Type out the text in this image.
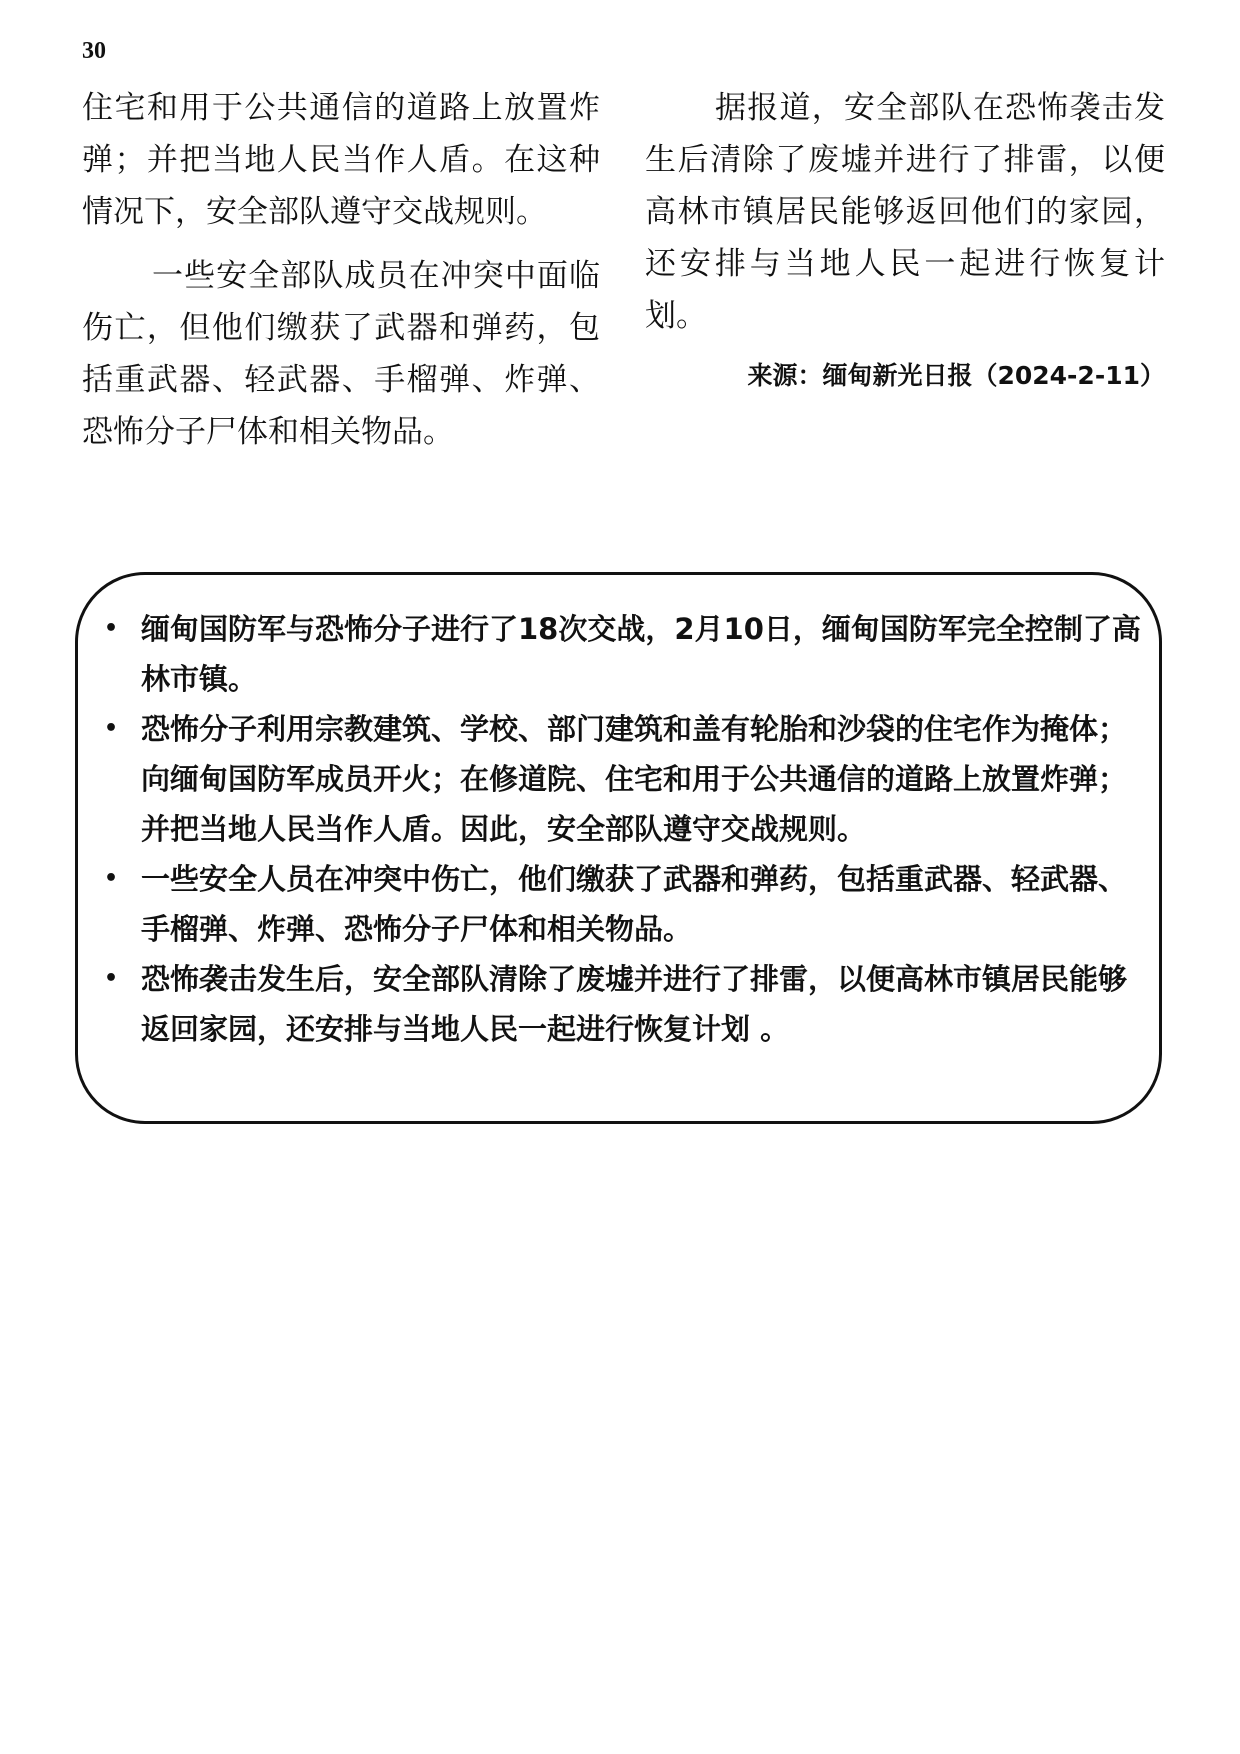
30

住宅和用于公共通信的道路上放置炸弹；并把当地人民当作人盾。在这种情况下，安全部队遵守交战规则。

一些安全部队成员在冲突中面临伤亡，但他们缴获了武器和弹药，包括重武器、轻武器、手榴弹、炸弹、恐怖分子尸体和相关物品。

据报道，安全部队在恐怖袭击发生后清除了废墟并进行了排雷，以便高林市镇居民能够返回他们的家园，还安排与当地人民一起进行恢复计划。

来源：缅甸新光日报（2024-2-11）

• 缅甸国防军与恐怖分子进行了18次交战，2月10日，缅甸国防军完全控制了高林市镇。
• 恐怖分子利用宗教建筑、学校、部门建筑和盖有轮胎和沙袋的住宅作为掩体；向缅甸国防军成员开火；在修道院、住宅和用于公共通信的道路上放置炸弹；并把当地人民当作人盾。因此，安全部队遵守交战规则。
• 一些安全人员在冲突中伤亡，他们缴获了武器和弹药，包括重武器、轻武器、手榴弹、炸弹、恐怖分子尸体和相关物品。
• 恐怖袭击发生后，安全部队清除了废墟并进行了排雷，以便高林市镇居民能够返回家园，还安排与当地人民一起进行恢复计划 。
